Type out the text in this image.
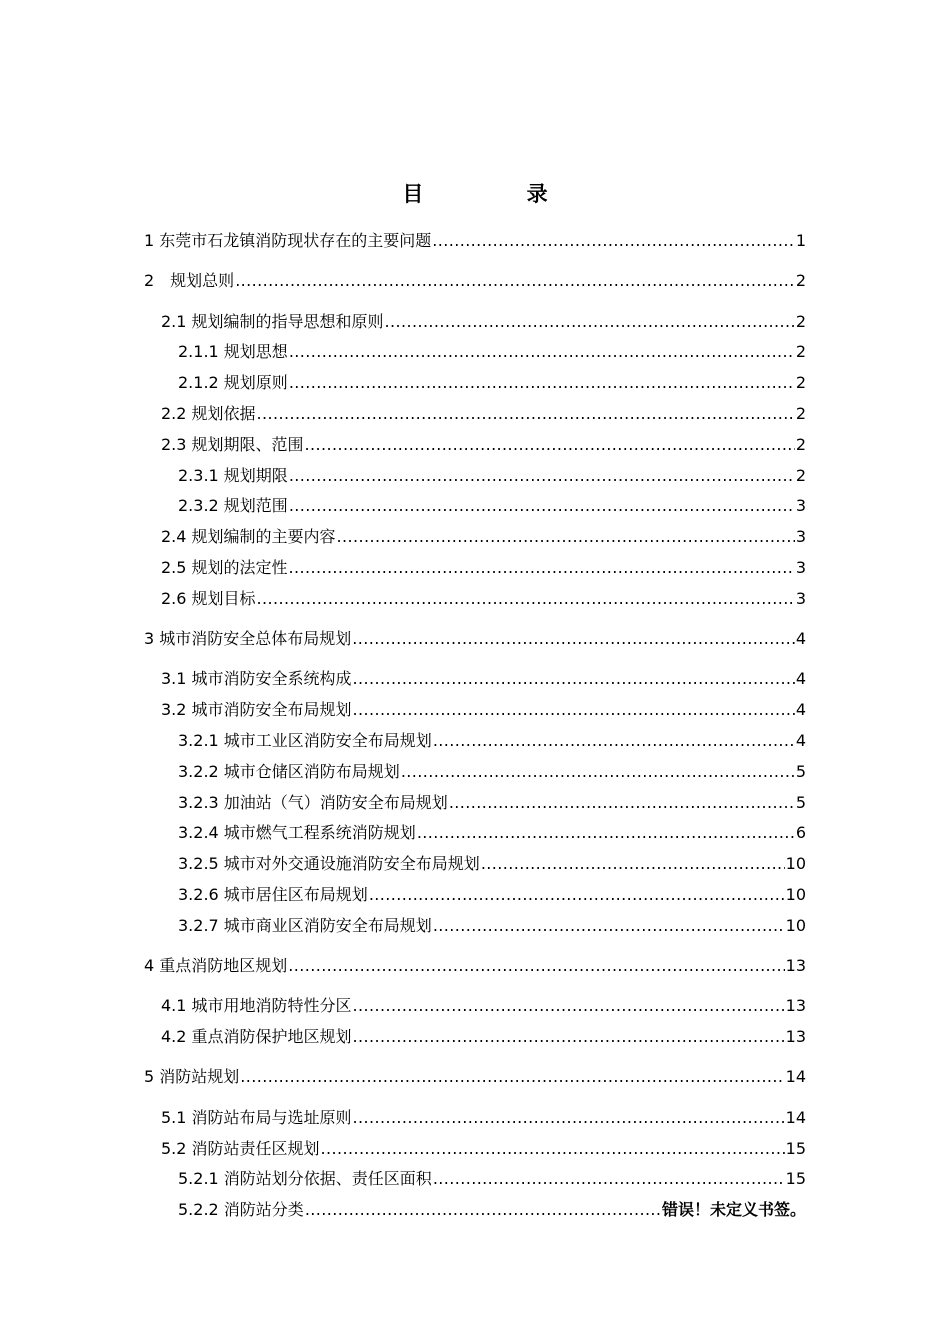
目 录
1 东莞市石龙镇消防现状存在的主要问题 .....	1
2　规划总则 .....	2
2.1 规划编制的指导思想和原则 .....	2
2.1.1 规划思想 .....	2
2.1.2 规划原则 .....	2
2.2 规划依据 .....	2
2.3 规划期限、范围 .....	2
2.3.1 规划期限 .....	2
2.3.2 规划范围 .....	3
2.4 规划编制的主要内容 .....	3
2.5 规划的法定性 .....	3
2.6 规划目标 .....	3
3 城市消防安全总体布局规划 .....	4
3.1 城市消防安全系统构成 .....	4
3.2 城市消防安全布局规划 .....	4
3.2.1 城市工业区消防安全布局规划 .....	4
3.2.2 城市仓储区消防布局规划 .....	5
3.2.3 加油站（气）消防安全布局规划 .....	5
3.2.4 城市燃气工程系统消防规划 .....	6
3.2.5 城市对外交通设施消防安全布局规划 .....	10
3.2.6 城市居住区布局规划 .....	10
3.2.7 城市商业区消防安全布局规划 .....	10
4 重点消防地区规划 .....	13
4.1 城市用地消防特性分区 .....	13
4.2 重点消防保护地区规划 .....	13
5 消防站规划 .....	14
5.1 消防站布局与选址原则 .....	14
5.2 消防站责任区规划 .....	15
5.2.1 消防站划分依据、责任区面积 .....	15
5.2.2 消防站分类 .....	错误！未定义书签。
